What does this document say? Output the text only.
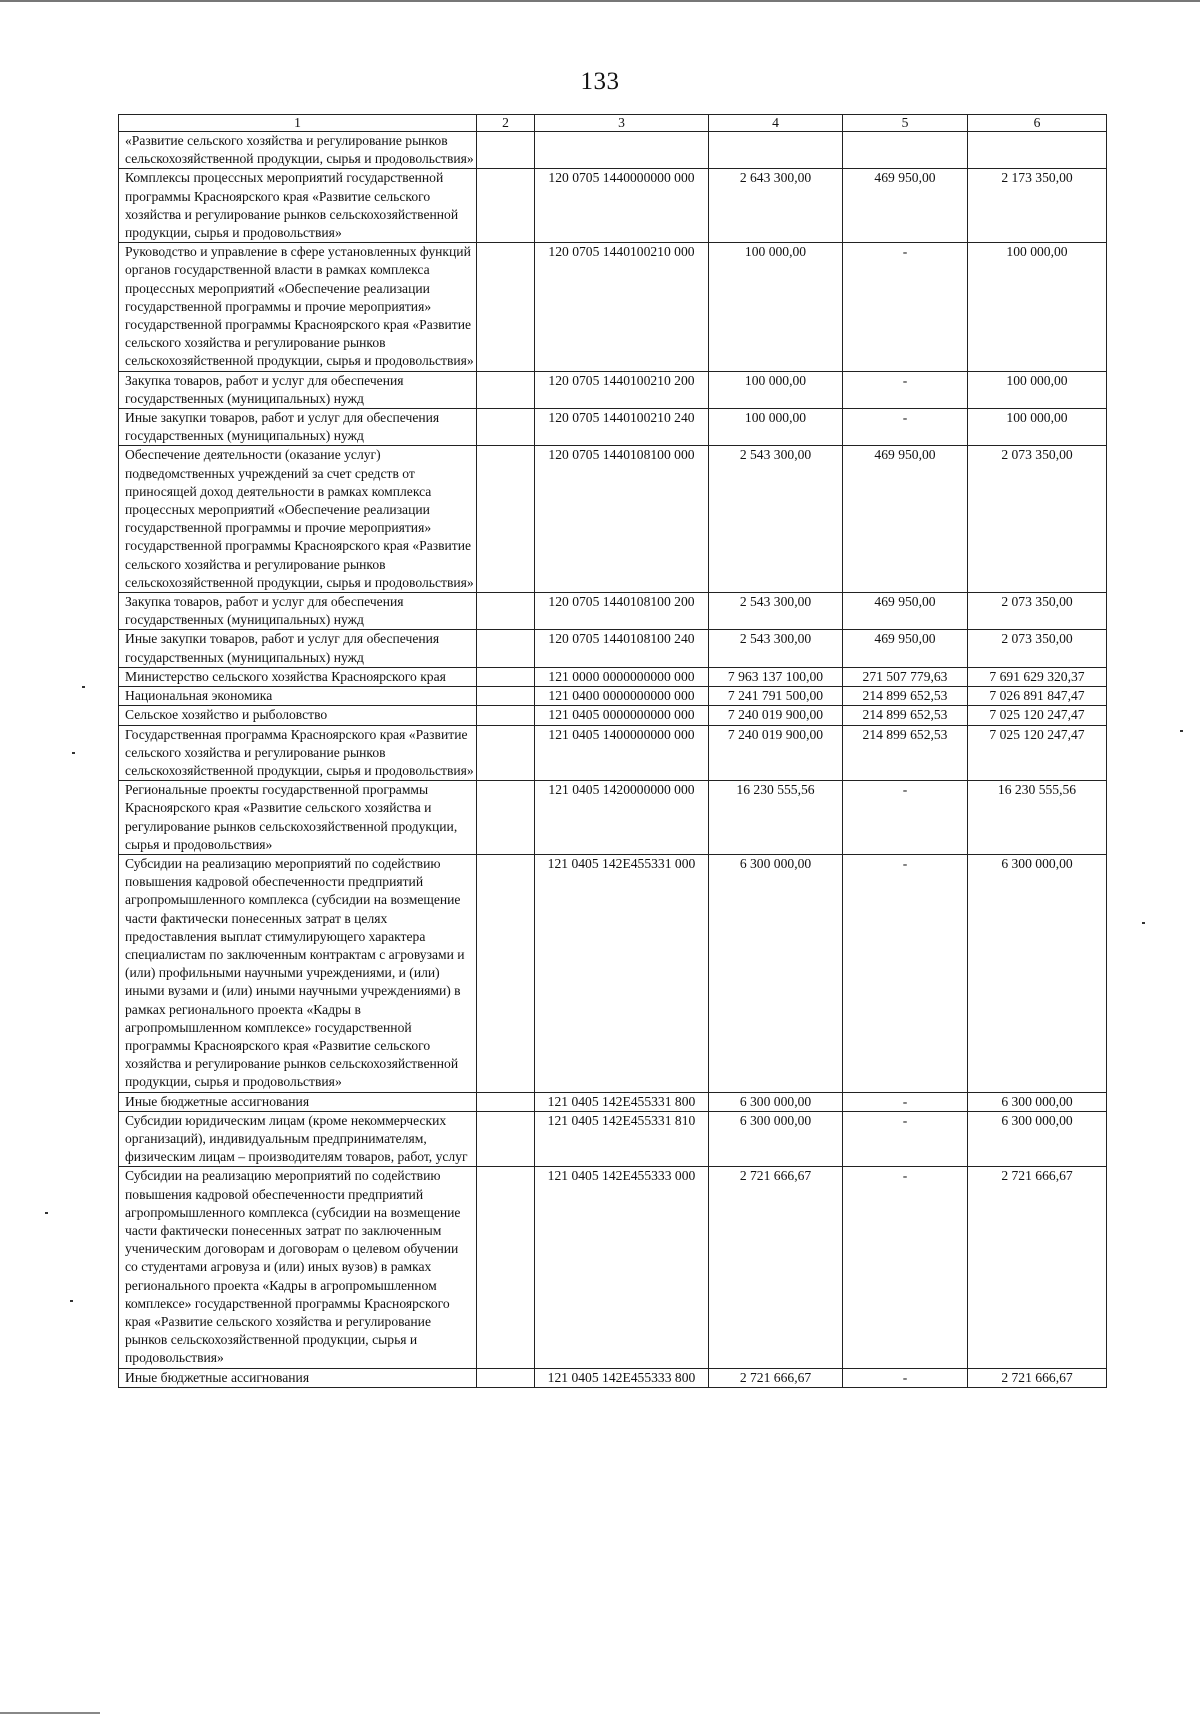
133
1	2	3	4	5	6
«Развитие сельского хозяйства и регулирование рынков сельскохозяйственной продукции, сырья и продовольствия»					
Комплексы процессных мероприятий государственной программы Красноярского края «Развитие сельского хозяйства и регулирование рынков сельскохозяйственной продукции, сырья и продовольствия»		120 0705 1440000000 000	2 643 300,00	469 950,00	2 173 350,00
Руководство и управление в сфере установленных функций органов государственной власти в рамках комплекса процессных мероприятий «Обеспечение реализации государственной программы и прочие мероприятия» государственной программы Красноярского края «Развитие сельского хозяйства и регулирование рынков сельскохозяйственной продукции, сырья и продовольствия»		120 0705 1440100210 000	100 000,00	-	100 000,00
Закупка товаров, работ и услуг для обеспечения государственных (муниципальных) нужд		120 0705 1440100210 200	100 000,00	-	100 000,00
Иные закупки товаров, работ и услуг для обеспечения государственных (муниципальных) нужд		120 0705 1440100210 240	100 000,00	-	100 000,00
Обеспечение деятельности (оказание услуг) подведомственных учреждений за счет средств от приносящей доход деятельности в рамках комплекса процессных мероприятий «Обеспечение реализации государственной программы и прочие мероприятия» государственной программы Красноярского края «Развитие сельского хозяйства и регулирование рынков сельскохозяйственной продукции, сырья и продовольствия»		120 0705 1440108100 000	2 543 300,00	469 950,00	2 073 350,00
Закупка товаров, работ и услуг для обеспечения государственных (муниципальных) нужд		120 0705 1440108100 200	2 543 300,00	469 950,00	2 073 350,00
Иные закупки товаров, работ и услуг для обеспечения государственных (муниципальных) нужд		120 0705 1440108100 240	2 543 300,00	469 950,00	2 073 350,00
Министерство сельского хозяйства Красноярского края		121 0000 0000000000 000	7 963 137 100,00	271 507 779,63	7 691 629 320,37
Национальная экономика		121 0400 0000000000 000	7 241 791 500,00	214 899 652,53	7 026 891 847,47
Сельское хозяйство и рыболовство		121 0405 0000000000 000	7 240 019 900,00	214 899 652,53	7 025 120 247,47
Государственная программа Красноярского края «Развитие сельского хозяйства и регулирование рынков сельскохозяйственной продукции, сырья и продовольствия»		121 0405 1400000000 000	7 240 019 900,00	214 899 652,53	7 025 120 247,47
Региональные проекты государственной программы Красноярского края «Развитие сельского хозяйства и регулирование рынков сельскохозяйственной продукции, сырья и продовольствия»		121 0405 1420000000 000	16 230 555,56	-	16 230 555,56
Субсидии на реализацию мероприятий по содействию повышения кадровой обеспеченности предприятий агропромышленного комплекса (субсидии на возмещение части фактически понесенных затрат в целях предоставления выплат стимулирующего характера специалистам по заключенным контрактам с агровузами и (или) профильными научными учреждениями, и (или) иными вузами и (или) иными научными учреждениями) в рамках регионального проекта «Кадры в агропромышленном комплексе» государственной программы Красноярского края «Развитие сельского хозяйства и регулирование рынков сельскохозяйственной продукции, сырья и продовольствия»		121 0405 142E455331 000	6 300 000,00	-	6 300 000,00
Иные бюджетные ассигнования		121 0405 142E455331 800	6 300 000,00	-	6 300 000,00
Субсидии юридическим лицам (кроме некоммерческих организаций), индивидуальным предпринимателям, физическим лицам – производителям товаров, работ, услуг		121 0405 142E455331 810	6 300 000,00	-	6 300 000,00
Субсидии на реализацию мероприятий по содействию повышения кадровой обеспеченности предприятий агропромышленного комплекса (субсидии на возмещение части фактически понесенных затрат по заключенным ученическим договорам и договорам о целевом обучении со студентами агровуза и (или) иных вузов) в рамках регионального проекта «Кадры в агропромышленном комплексе» государственной программы Красноярского края «Развитие сельского хозяйства и регулирование рынков сельскохозяйственной продукции, сырья и продовольствия»		121 0405 142E455333 000	2 721 666,67	-	2 721 666,67
Иные бюджетные ассигнования		121 0405 142E455333 800	2 721 666,67	-	2 721 666,67
